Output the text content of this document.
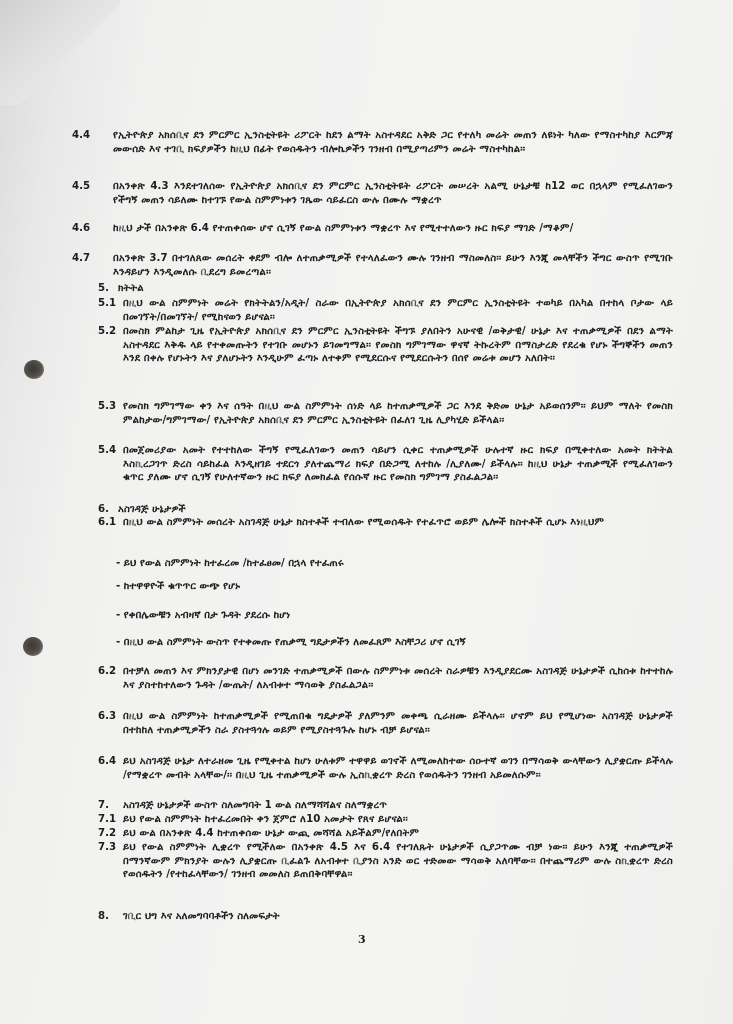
4.4 የኢትዮጵያ አክሰቢና ደን ምርምር ኢንስቲትዩት ሪፖርት ከደን ልማት አስተዳደር አቅድ ጋር የተለካ መሬት መጠን ለዩነት ካለው የማስተካከያ እርምጃ መውሰድ እና ተገቢ ክፍያዎችን ከዚህ በፊት የወሰዱትን ብሎኬዎችን ገንዘብ በሚያጣሪምን መሬት ማስተካከል፡፡
4.5 በአንቀጽ 4.3 እንደተገለሰው የኢትዮጵያ አክሰቢና ደን ምርምር ኢንስቲትዩት ሪፖርት መሠረት አልሚ ሁኔታቹ ከ12 ወር በኋላም የሚፈለገውን የችግኝ መጠን ሳይለሙ ከተገኙ የውል ስምምነቱን ገጼው ሳይፈርስ ውሉ በሙሉ ማቋረጥ
4.6 ከዚህ ታች በአንቀጽ 6.4 የተጠቀሰው ሆኖ ሲገኝ የውል ስምምነቱን ማቋረጥ እና የሚተተለውን ዙር ክፍያ ማገድ /ማቆም/
4.7 በአንቀጽ 3.7 በተገለጸው መሰረት ቀደም ብሎ ለተጠቃሚዎች የተላለፈውን ሙሉ ገንዘብ ማስመለስ፡፡ ይሁን እንጂ መላቸችን ችግር ውስጥ የሚገቡ እንዳይሆን እንዲመለሱ ቢደረግ ይመረጣል፡፡
5. ክትትል
5.1 በዚህ ውል ስምምነት መሬት የክትትልን/አዲት/ ስራው በኢትዮጵያ አክሰቢና ደን ምርምር ኢንስቲትዩት ተወካይ በአካል በተከላ ቦታው ላይ በመገኘት/በመገኘት/ የሚከናወን ይሆናል፡፡
5.2 በመስክ ምልከታ ጊዜ የኢትዮጵያ አክሰቢና ደን ምርምር ኢንስቲትዩት ችግኙ ያለበትን አሁናዊ /ወቅታዊ/ ሁኔታ እና ተጠቃሚዎች በደን ልማት አስተዳደር እቅዱ ላይ የተቀመጡትን የተገቡ መሆኑን ይገመግማል፡፡ የመስክ ግምገማው ዋናኛ ትኩረትም በማስታረድ የደረቁ የሆኑ ችግኞችን መጠን እንደ በቀሉ የሆኑትን እና ያለሆኑትን እንዲሁም ፈጣኑ ለተቀም የሚደርሱና የሚደርሱትን በሰየ መሬቱ መሆን አለበት፡፡
5.3 የመስክ ግምገማው ቀን እና ሰዓት በዚህ ውል ስምምነት ሰነድ ላይ ከተጠቃሚዎች ጋር እንደ ቅድመ ሁኔታ አይወሰንም፡፡ ይህም ማለት የመስክ ምልከታው/ግምገማው/ የኢትዮጵያ አክሰቢና ደን ምርምር ኢንስቲትዩት በፈለገ ጊዜ ሊያካሂድ ይችላል፡፡
5.4 በመጀመሪያው አመት የተተከለው ችግኝ የሚፈለገውን መጠን ሳይሆን ሲቀር ተጠቃሚዎች ሁሉተኛ ዙር ክፍያ በሚቀተለው አመት ክትትል እስኪረጋገጥ ድረስ ሳይከፈል እንዲዘገይ ተደርጎ ያለተጨማሪ ክፍያ በድጋሚ ለተከሉ /ሊያለሙ/ ይችላሉ፡፡ ከዚህ ሁኔታ ተጠቃሚች የሚፈለገውን ቁጥር ያለሙ ሆኖ ሲገኝ የሁለተኛውን ዙር ክፍያ ለመክፈል የሰሱኛ ዙር የመስክ ግምገማ ያስፈልጋል፡፡
6. አስገዳጅ ሁኔታዎች
6.1 በዚህ ውል ስምምነት መሰረት አስገዳጅ ሁኔታ ክስተቶች ተብለው የሚወሰዱት የተፈጥሮ ወይም ሌሎች ክስተቶች ሲሆኑ እነዚህም
- ይህ የውል ስምምነት ከተፈረመ /ከተፈፀመ/ በኋላ የተፈጠሩ
- ከተዋዋዮች ቁጥጥር ውጭ የሆኑ
- የቀበሌውቹን አብዛኛ በታ ጉዳት ያደረሱ ከሆነ
- በዚህ ውል ስምምነት ውስጥ የተቀመጡ የጠቃሚ ግዴታዎችን ለመፈጸም እስቸጋሪ ሆኖ ሲገኝ
6.2 በተቻለ መጠን እና ምክንያታዊ በሆነ መንገድ ተጠቃሚዎች በውሉ ስምምነቱ መሰረት ስራዎቹን እንዲያደርሙ አስገዳጅ ሁኔታዎች ሲከሰቱ ከተተከሉ እና ያስተከተለውን ጉዳት /ውጤት/ ለአብቱተ ማሳወቅ ያስፈልጋል፡፡
6.3 በዚህ ውል ስምምነት ከተጠቃሚዎች የሚጠበቁ ግዴታዎች ያለምንም መቀጫ ሲራዘሙ ይችላሉ፡፡ ሆኖም ይህ የሚሆነው አስገዳጅ ሁኔታዎች በተከከለ ተጠቃሚዎችን ስራ ያስተጓጎሉ ወይም የሚያስተጓጉሉ ከሆኑ ብቻ ይሆናል፡፡
6.4 ይህ አስገዳጅ ሁኔታ ለተራዘመ ጊዜ የሚቀተል ከሆነ ሁለቱም ተዋዋይ ወገኖች ለሚመለከተው ሰዑተኛ ወገን በማሳወቅ ውላቸውን ሊያቋርጡ ይችላሉ /የማቋረጥ መብት አላቸው/፡፡ በዚህ ጊዜ ተጠቃሚዎች ውሉ ኢስኪቋረጥ ድረስ የወሰዱትን ገንዘብ አይመለሱም፡፡
7. አስገዳጅ ሁኔታዎች ውስጥ ስለመግባት 1 ውል ስለማሻሻልና ስለማቋረጥ
7.1 ይህ የውል ስምምነት ከተፈረመበት ቀን ጀምሮ ለ10 አመታት የጸና ይሆናል፡፡
7.2 ይህ ውል በአንቀጽ 4.4 ከተጠቀሰው ሁኔታ ውጪ መሻሻል አይችልም/የለበትም
7.3 ይህ የውል ስምምነት ሊቋረጥ የሚችለው በአንቀጽ 4.5 እና 6.4 የተገለጹት ሁኔታዎች ሲያጋጥሙ ብቻ ነው፡፡ ይሁን እንጂ ተጠቃሚዎች በማንኛውም ምክንያት ውሉን ሊያቋርጡ ቢፈልጉ ለአብቱተ ቢያንስ አንድ ወር ተድመው ማሳወቅ አለባቸው፡፡ በተጨማሪም ውሉ ስኪቋረጥ ድረስ የወሰዱትን /የተከፈላቸውን/ ገንዘብ መመለስ ይጠበቅባቸዋል፡፡
8. ገቢር ህግ እና አለመግባባቶችን ስለመፍታት
3
